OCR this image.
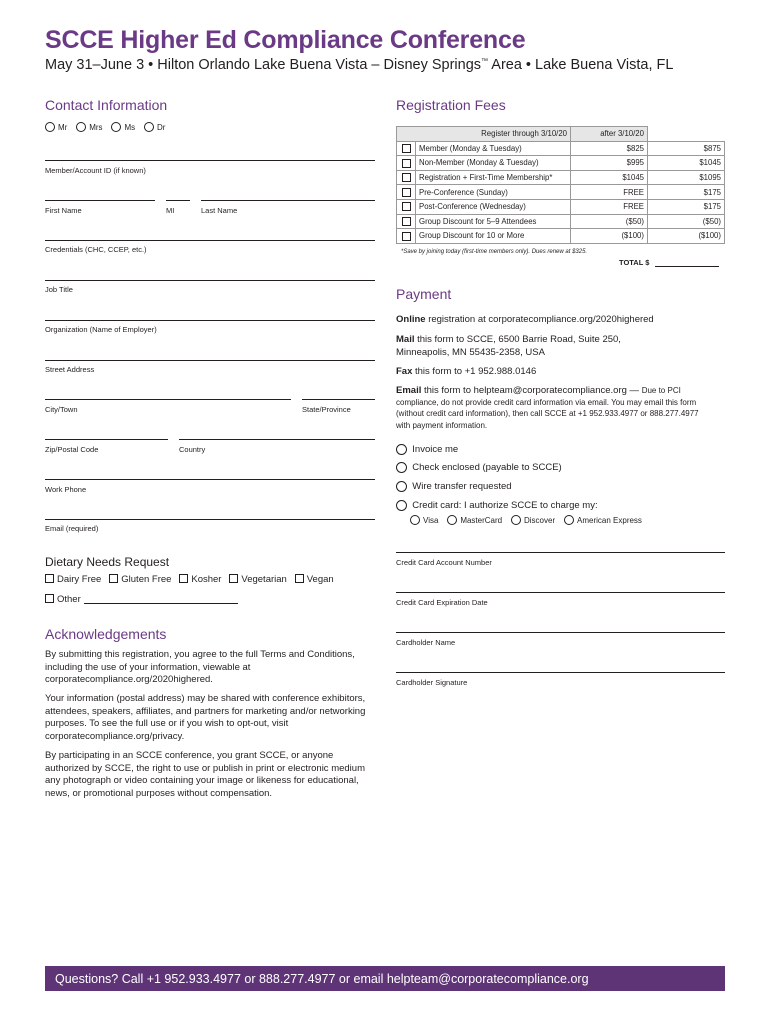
SCCE Higher Ed Compliance Conference
May 31–June 3 • Hilton Orlando Lake Buena Vista – Disney Springs™ Area • Lake Buena Vista, FL
Contact Information
Mr	Mrs	Ms	Dr
Member/Account ID (if known)
First Name	MI	Last Name
Credentials (CHC, CCEP, etc.)
Job Title
Organization (Name of Employer)
Street Address
City/Town	State/Province
Zip/Postal Code	Country
Work Phone
Email (required)
Dietary Needs Request
Dairy Free Gluten Free Kosher Vegetarian Vegan
Other
Acknowledgements
By submitting this registration, you agree to the full Terms and Conditions, including the use of your information, viewable at corporatecompliance.org/2020highered.
Your information (postal address) may be shared with conference exhibitors, attendees, speakers, affiliates, and partners for marketing and/or networking purposes. To see the full use or if you wish to opt-out, visit corporatecompliance.org/privacy.
By participating in an SCCE conference, you grant SCCE, or anyone authorized by SCCE, the right to use or publish in print or electronic medium any photograph or video containing your image or likeness for educational, news, or promotional purposes without compensation.
Registration Fees
Register through 3/10/20		after 3/10/20	
	Member (Monday & Tuesday)	$825	$875
	Non-Member (Monday & Tuesday)	$995	$1045
	Registration + First-Time Membership*	$1045	$1095
	Pre-Conference (Sunday)	FREE	$175
	Post-Conference (Wednesday)	FREE	$175
	Group Discount for 5–9 Attendees	($50)	($50)
	Group Discount for 10 or More	($100)	($100)
*Save by joining today (first-time members only). Dues renew at $325.
TOTAL $
Payment
Online registration at corporatecompliance.org/2020highered
Mail this form to SCCE, 6500 Barrie Road, Suite 250, Minneapolis, MN 55435-2358, USA
Fax this form to +1 952.988.0146
Email this form to helpteam@corporatecompliance.org — Due to PCI compliance, do not provide credit card information via email. You may email this form (without credit card information), then call SCCE at +1 952.933.4977 or 888.277.4977 with payment information.
Invoice me
Check enclosed (payable to SCCE)
Wire transfer requested
Credit card: I authorize SCCE to charge my:
Visa	MasterCard	Discover	American Express
Credit Card Account Number
Credit Card Expiration Date
Cardholder Name
Cardholder Signature
Questions? Call +1 952.933.4977 or 888.277.4977 or email helpteam@corporatecompliance.org
